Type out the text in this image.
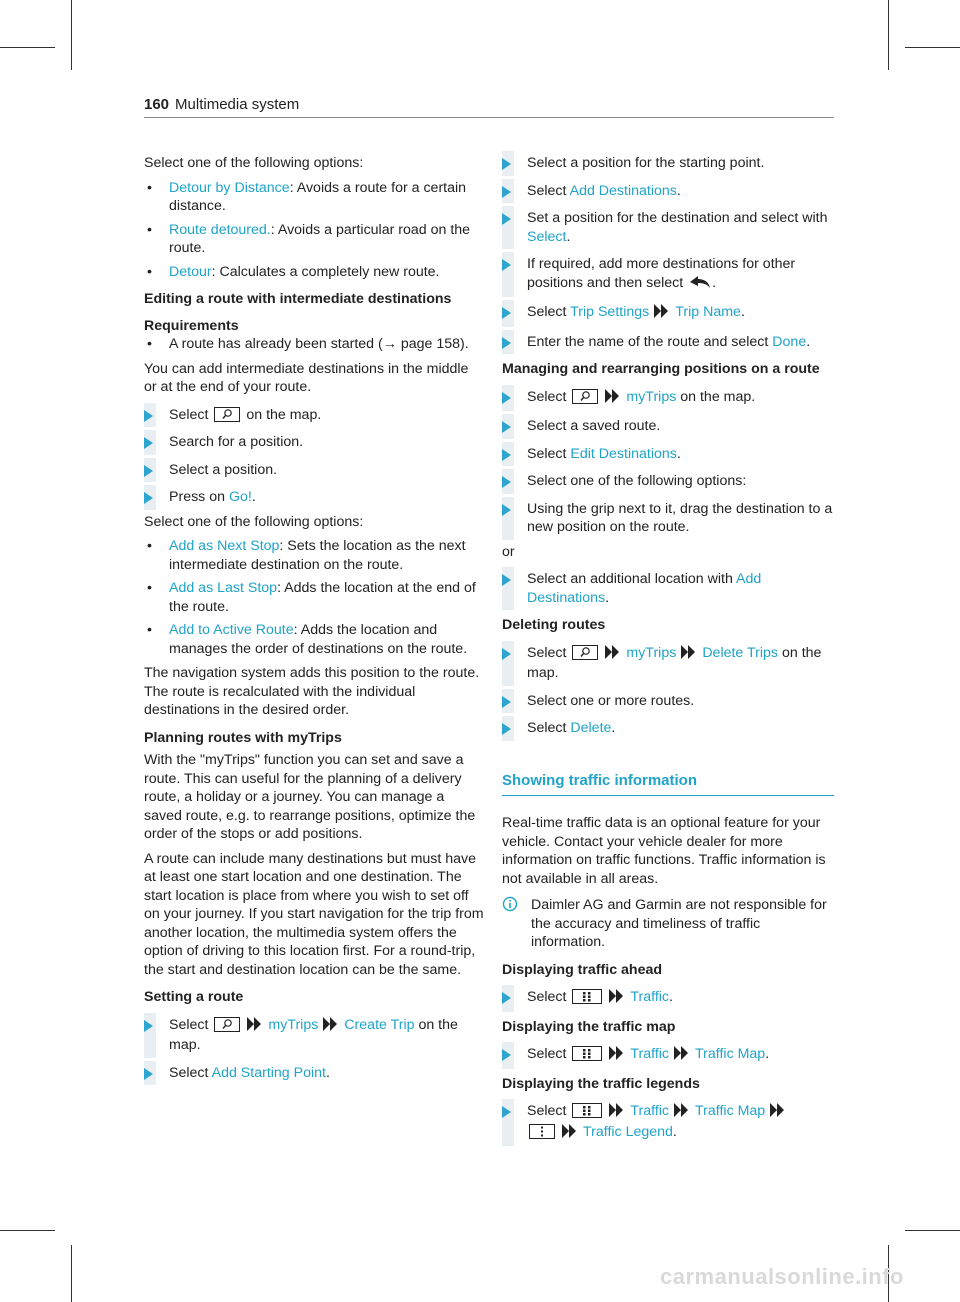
160 Multimedia system

Select one of the following options:

• Detour by Distance: Avoids a route for a certain distance.
• Route detoured.: Avoids a particular road on the route.
• Detour: Calculates a completely new route.
Editing a route with intermediate destinations
Requirements
• A route has already been started (→ page 158).

You can add intermediate destinations in the middle or at the end of your route.

Select	on the map.
Search for a position.
Select a position.
Press on Go!.

Select one of the following options:

• Add as Next Stop: Sets the location as the next intermediate destination on the route.
• Add as Last Stop: Adds the location at the end of the route.
• Add to Active Route: Adds the location and manages the order of destinations on the route.

The navigation system adds this position to the route. The route is recalculated with the individual destinations in the desired order.

Planning routes with myTrips

With the "myTrips" function you can set and save a route. This can useful for the planning of a delivery route, a holiday or a journey. You can manage a saved route, e.g. to rearrange positions, optimize the order of the stops or add positions.

A route can include many destinations but must have at least one start location and one destination. The start location is place from where you wish to set off on your journey. If you start navigation for the trip from another location, the multimedia system offers the option of driving to this location first. For a round-trip, the start and destination location can be the same.

Setting a route
Select	myTrips Create Trip on the map.
Select Add Starting Point.
Select a position for the starting point.
Select Add Destinations.
Set a position for the destination and select with Select.
If required, add more destinations for other positions and then select .
Select Trip Settings Trip Name.
Enter the name of the route and select Done.
Managing and rearranging positions on a route
Select	myTrips on the map.
Select a saved route.
Select Edit Destinations.
Select one of the following options:
Using the grip next to it, drag the destination to a new position on the route.

or

Select an additional location with Add Destinations.
Deleting routes
Select	myTrips Delete Trips on the map.
Select one or more routes.
Select Delete.
Showing traffic information

Real-time traffic data is an optional feature for your vehicle. Contact your vehicle dealer for more information on traffic functions. Traffic information is not available in all areas.

Daimler AG and Garmin are not responsible for the accuracy and timeliness of traffic information.
Displaying traffic ahead
Select	Traffic.
Displaying the traffic map
Select	Traffic Traffic Map.
Displaying the traffic legends
Select	Traffic Traffic Map

Traffic Legend.
carmanualsonline.info
